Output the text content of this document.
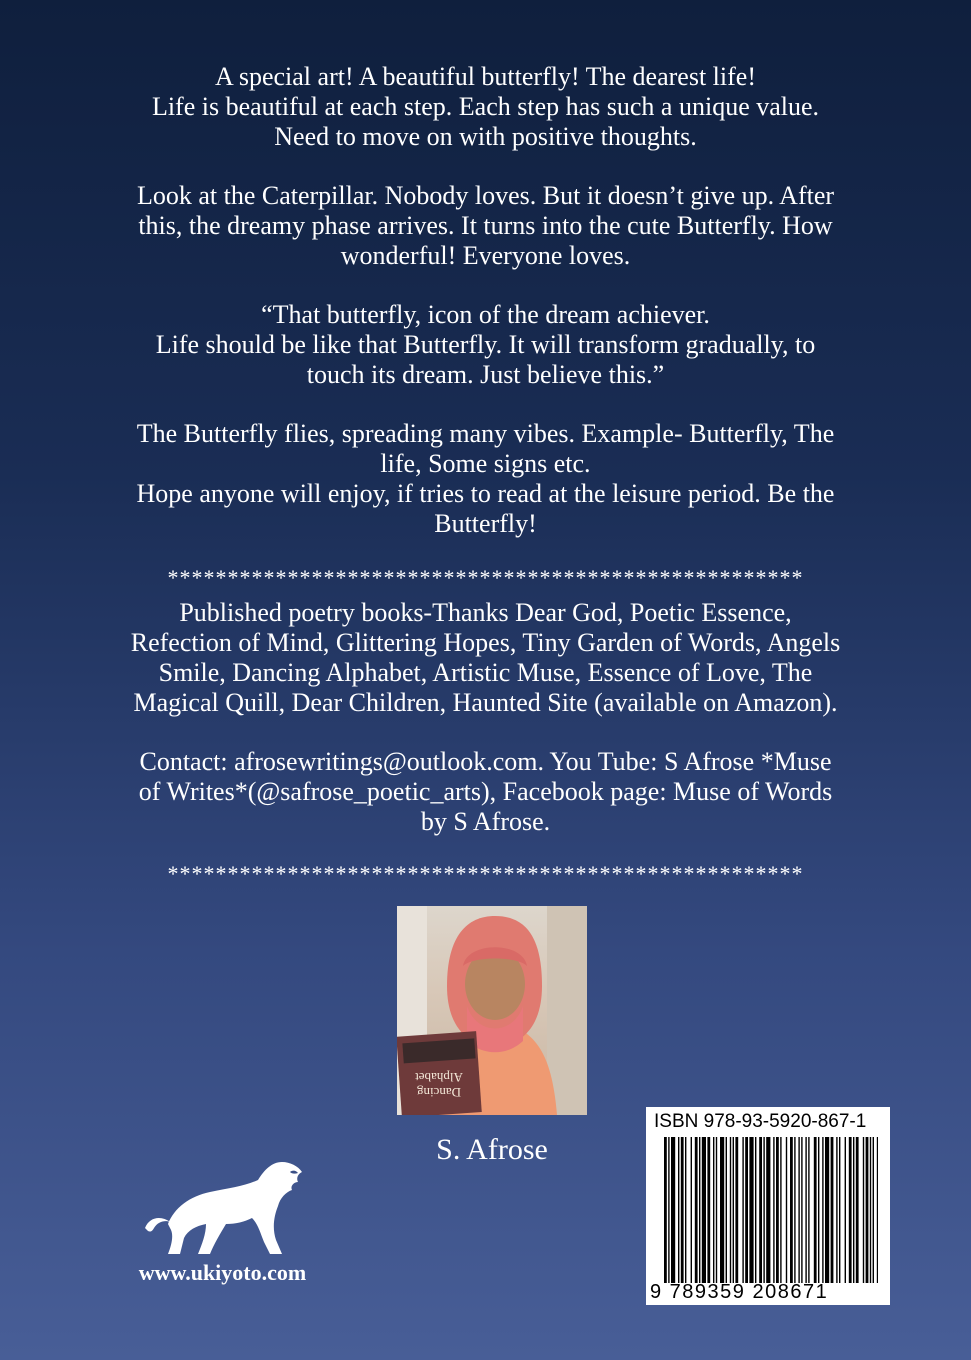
A special art! A beautiful butterfly! The dearest life!
Life is beautiful at each step. Each step has such a unique value.
Need to move on with positive thoughts.

Look at the Caterpillar. Nobody loves. But it doesn’t give up. After
this, the dreamy phase arrives. It turns into the cute Butterfly. How
wonderful! Everyone loves.

“That butterfly, icon of the dream achiever.
Life should be like that Butterfly. It will transform gradually, to
touch its dream. Just believe this.”

The Butterfly flies, spreading many vibes. Example- Butterfly, The
life, Some signs etc.
Hope anyone will enjoy, if tries to read at the leisure period. Be the
Butterfly!

*****************************************************

Published poetry books-Thanks Dear God, Poetic Essence,
Refection of Mind, Glittering Hopes, Tiny Garden of Words, Angels
Smile, Dancing Alphabet, Artistic Muse, Essence of Love, The
Magical Quill, Dear Children, Haunted Site (available on Amazon).

Contact: afrosewritings@outlook.com. You Tube: S Afrose *Muse
of Writes*(@safrose_poetic_arts), Facebook page: Muse of Words
by S Afrose.

*****************************************************
Dancing
Alphabet
S. Afrose
www.ukiyoto.com
ISBN 978-93-5920-867-1
9 789359 208671
